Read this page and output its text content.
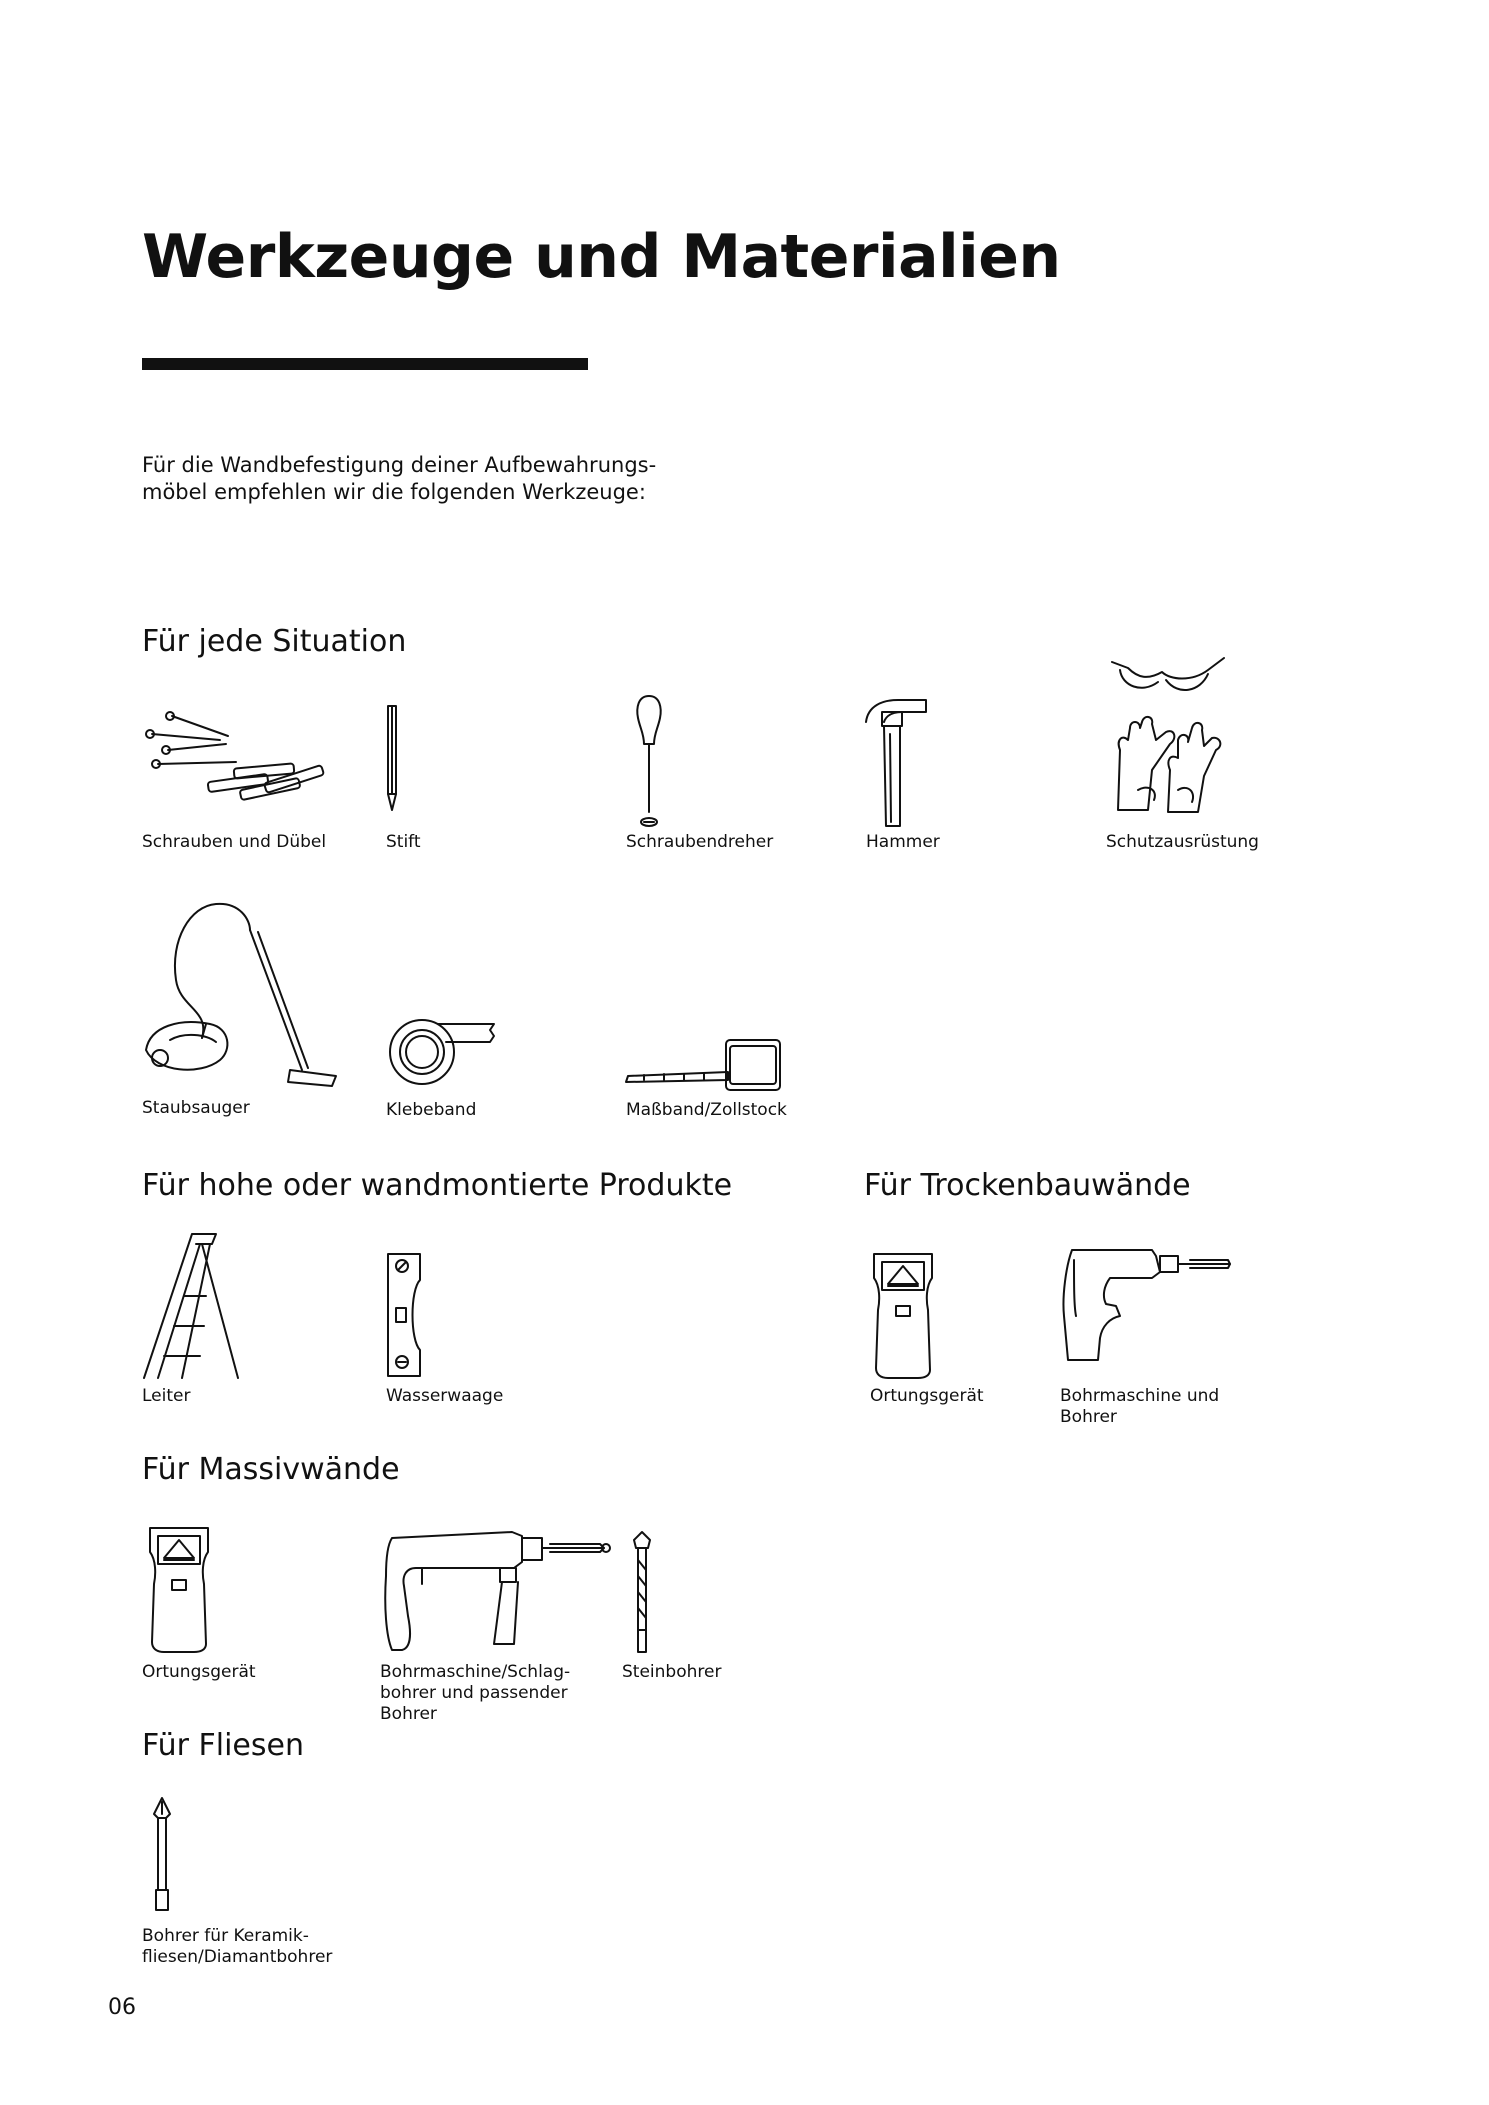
Werkzeuge und Materialien
Für die Wandbefestigung deiner Aufbewahrungs-
möbel empfehlen wir die folgenden Werkzeuge:
Für jede Situation
Schrauben und Dübel	Stift	Schraubendreher	Hammer	Schutzausrüstung
Staubsauger	Klebeband	Maßband/Zollstock
Für hohe oder wandmontierte Produkte
Leiter	Wasserwaage
Für Trockenbauwände
Ortungsgerät	Bohrmaschine und
Bohrer
Für Massivwände
Ortungsgerät	Bohrmaschine/Schlag-
bohrer und passender
Bohrer
Steinbohrer
Für Fliesen
Bohrer für Keramik-
fliesen/Diamantbohrer
06
